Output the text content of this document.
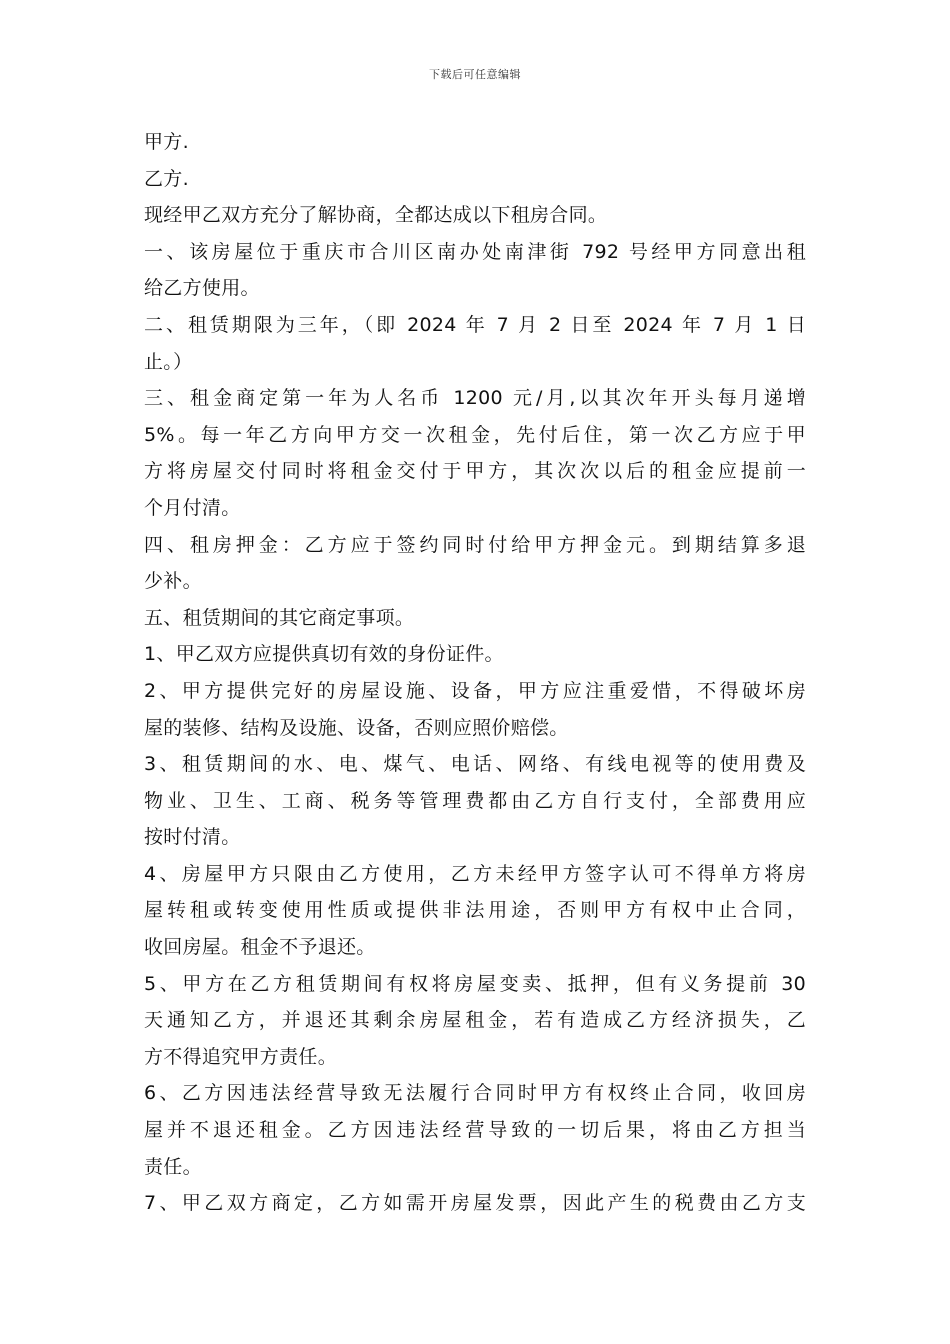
下载后可任意编辑
甲方.
乙方.
现经甲乙双方充分了解协商，全都达成以下租房合同。
一、该房屋位于重庆市合川区南办处南津街 792 号经甲方同意出租
给乙方使用。
二、租赁期限为三年，（即 2024 年 7 月 2 日至 2024 年 7 月 1 日
止。）
三、租金商定第一年为人名币 1200 元/月,以其次年开头每月递增
5%。每一年乙方向甲方交一次租金，先付后住，第一次乙方应于甲
方将房屋交付同时将租金交付于甲方，其次次以后的租金应提前一
个月付清。
四、租房押金：乙方应于签约同时付给甲方押金元。到期结算多退
少补。
五、租赁期间的其它商定事项。
1、甲乙双方应提供真切有效的身份证件。
2、甲方提供完好的房屋设施、设备，甲方应注重爱惜，不得破坏房
屋的装修、结构及设施、设备，否则应照价赔偿。
3、租赁期间的水、电、煤气、电话、网络、有线电视等的使用费及
物业、卫生、工商、税务等管理费都由乙方自行支付，全部费用应
按时付清。
4、房屋甲方只限由乙方使用，乙方未经甲方签字认可不得单方将房
屋转租或转变使用性质或提供非法用途，否则甲方有权中止合同，
收回房屋。租金不予退还。
5、甲方在乙方租赁期间有权将房屋变卖、抵押，但有义务提前 30
天通知乙方，并退还其剩余房屋租金，若有造成乙方经济损失，乙
方不得追究甲方责任。
6、乙方因违法经营导致无法履行合同时甲方有权终止合同，收回房
屋并不退还租金。乙方因违法经营导致的一切后果，将由乙方担当
责任。
7、甲乙双方商定，乙方如需开房屋发票，因此产生的税费由乙方支
